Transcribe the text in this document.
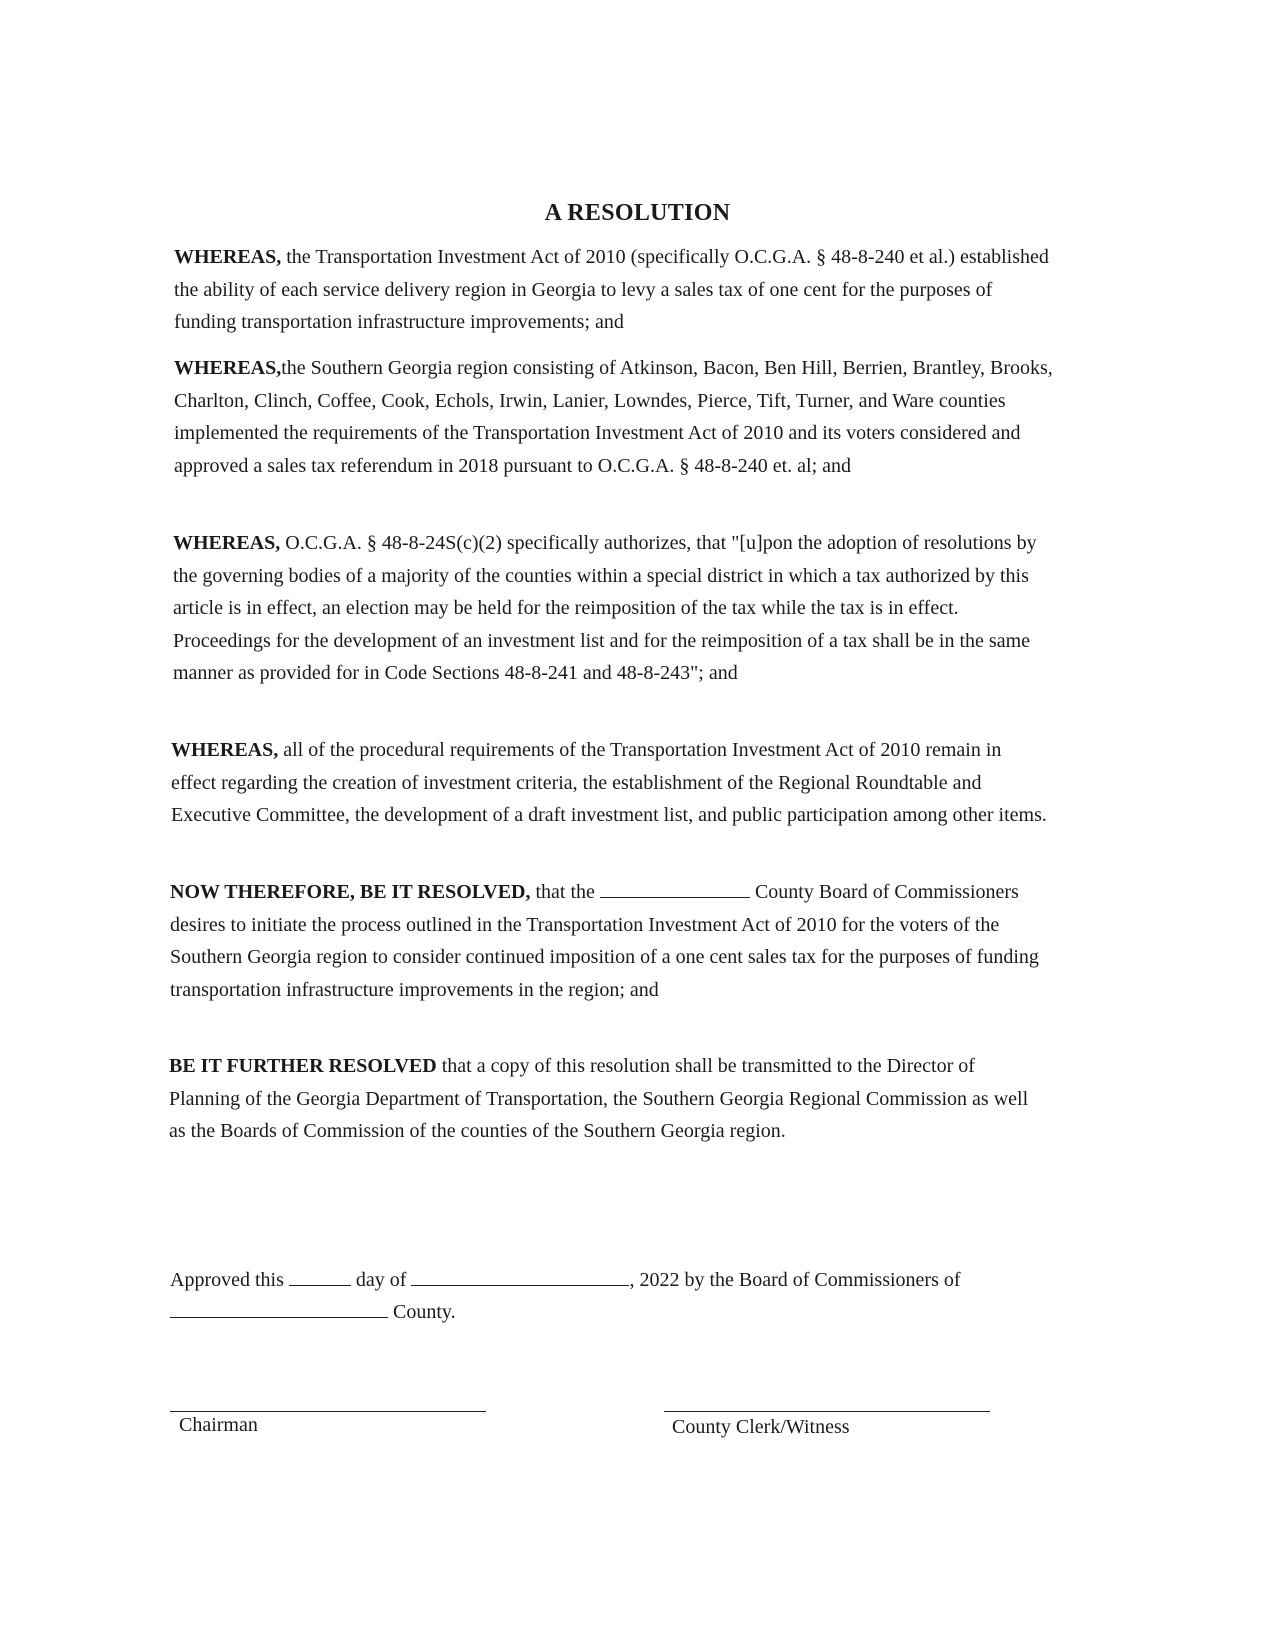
A RESOLUTION

WHEREAS, the Transportation Investment Act of 2010 (specifically O.C.G.A. § 48-8-240 et al.) established the ability of each service delivery region in Georgia to levy a sales tax of one cent for the purposes of funding transportation infrastructure improvements; and

WHEREAS,the Southern Georgia region consisting of Atkinson, Bacon, Ben Hill, Berrien, Brantley, Brooks, Charlton, Clinch, Coffee, Cook, Echols, Irwin, Lanier, Lowndes, Pierce, Tift, Turner, and Ware counties implemented the requirements of the Transportation Investment Act of 2010 and its voters considered and approved a sales tax referendum in 2018 pursuant to O.C.G.A. § 48-8-240 et. al; and

WHEREAS, O.C.G.A. § 48-8-24S(c)(2) specifically authorizes, that "[u]pon the adoption of resolutions by the governing bodies of a majority of the counties within a special district in which a tax authorized by this article is in effect, an election may be held for the reimposition of the tax while the tax is in effect. Proceedings for the development of an investment list and for the reimposition of a tax shall be in the same manner as provided for in Code Sections 48-8-241 and 48-8-243"; and

WHEREAS, all of the procedural requirements of the Transportation Investment Act of 2010 remain in effect regarding the creation of investment criteria, the establishment of the Regional Roundtable and Executive Committee, the development of a draft investment list, and public participation among other items.

NOW THEREFORE, BE IT RESOLVED, that the	County Board of Commissioners desires to initiate the process outlined in the Transportation Investment Act of 2010 for the voters of the Southern Georgia region to consider continued imposition of a one cent sales tax for the purposes of funding transportation infrastructure improvements in the region; and

BE IT FURTHER RESOLVED that a copy of this resolution shall be transmitted to the Director of Planning of the Georgia Department of Transportation, the Southern Georgia Regional Commission as well as the Boards of Commission of the counties of the Southern Georgia region.

Approved this	day of	, 2022 by the Board of Commissioners of
County.
Chairman	County Clerk/Witness
